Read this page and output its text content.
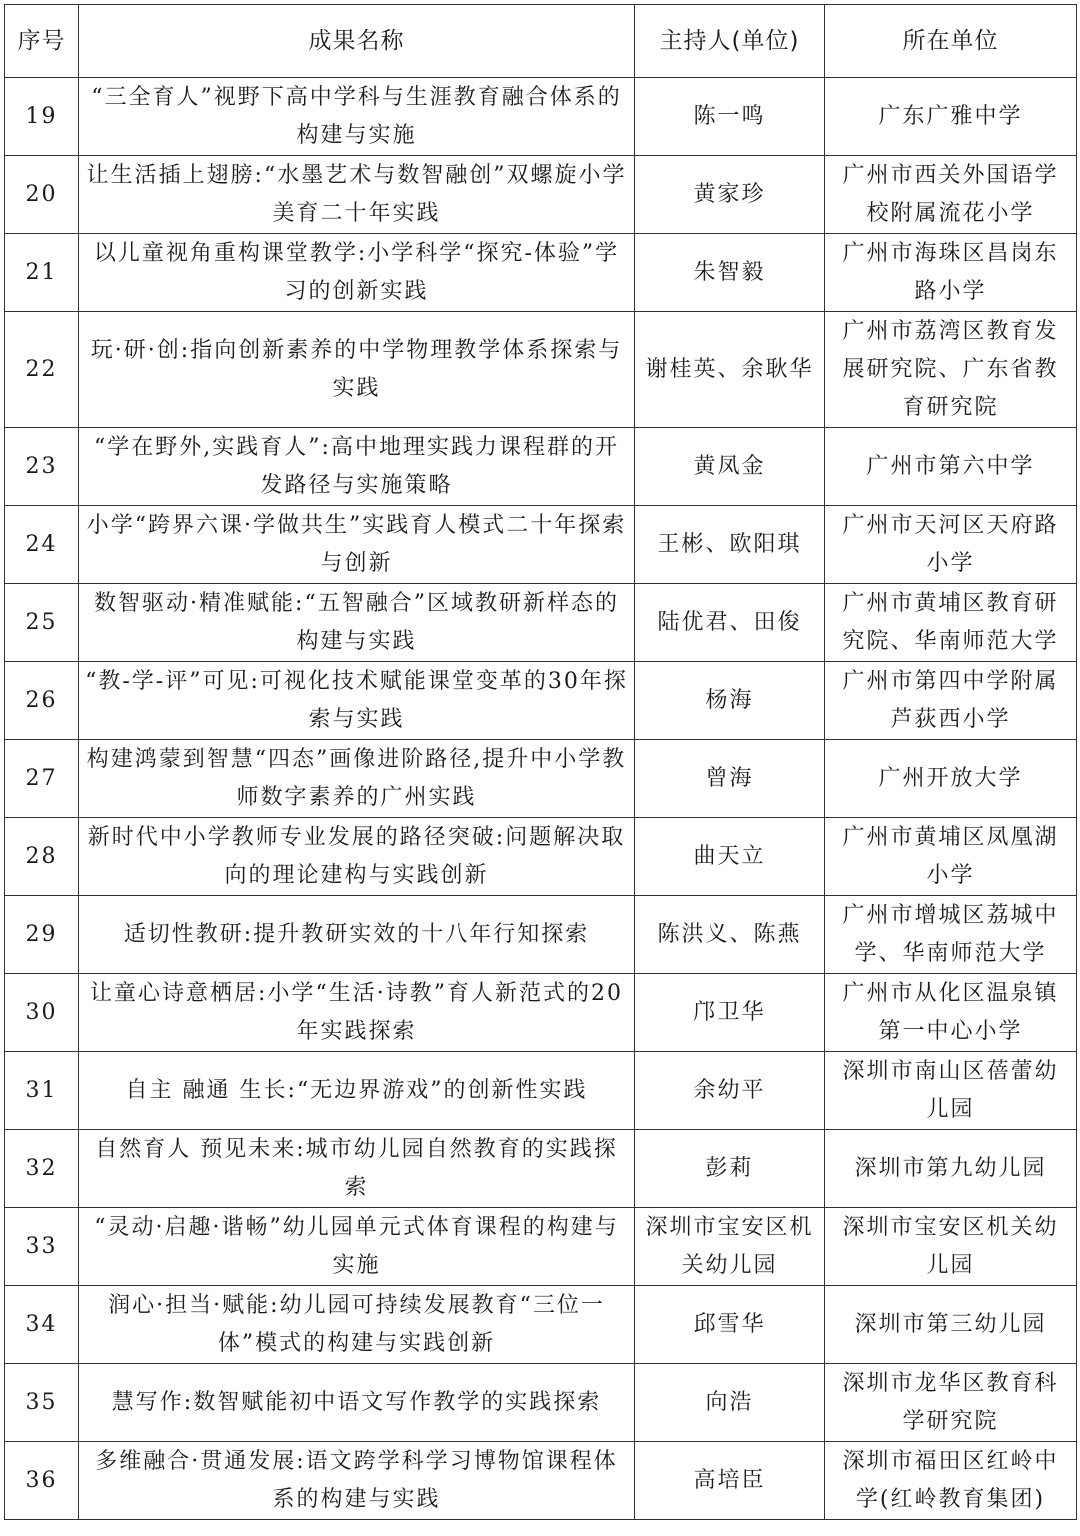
序号	成果名称	主持人(单位)	所在单位
19	“三全育人”视野下高中学科与生涯教育融合体系的构建与实施	陈一鸣	广东广雅中学
20	让生活插上翅膀:“水墨艺术与数智融创”双螺旋小学美育二十年实践	黄家珍	广州市西关外国语学校附属流花小学
21	以儿童视角重构课堂教学:小学科学“探究-体验”学习的创新实践	朱智毅	广州市海珠区昌岗东路小学
22	玩·研·创:指向创新素养的中学物理教学体系探索与实践	谢桂英、余耿华	广州市荔湾区教育发展研究院、广东省教育研究院
23	“学在野外,实践育人”:高中地理实践力课程群的开发路径与实施策略	黄凤金	广州市第六中学
24	小学“跨界六课·学做共生”实践育人模式二十年探索与创新	王彬、欧阳琪	广州市天河区天府路小学
25	数智驱动·精准赋能:“五智融合”区域教研新样态的构建与实践	陆优君、田俊	广州市黄埔区教育研究院、华南师范大学
26	“教-学-评”可见:可视化技术赋能课堂变革的30年探索与实践	杨海	广州市第四中学附属芦荻西小学
27	构建鸿蒙到智慧“四态”画像进阶路径,提升中小学教师数字素养的广州实践	曾海	广州开放大学
28	新时代中小学教师专业发展的路径突破:问题解决取向的理论建构与实践创新	曲天立	广州市黄埔区凤凰湖小学
29	适切性教研:提升教研实效的十八年行知探索	陈洪义、陈燕	广州市增城区荔城中学、华南师范大学
30	让童心诗意栖居:小学“生活·诗教”育人新范式的20年实践探索	邝卫华	广州市从化区温泉镇第一中心小学
31	自主 融通 生长:“无边界游戏”的创新性实践	余幼平	深圳市南山区蓓蕾幼儿园
32	自然育人 预见未来:城市幼儿园自然教育的实践探索	彭莉	深圳市第九幼儿园
33	“灵动·启趣·谐畅”幼儿园单元式体育课程的构建与实施	深圳市宝安区机关幼儿园	深圳市宝安区机关幼儿园
34	润心·担当·赋能:幼儿园可持续发展教育“三位一体”模式的构建与实践创新	邱雪华	深圳市第三幼儿园
35	慧写作:数智赋能初中语文写作教学的实践探索	向浩	深圳市龙华区教育科学研究院
36	多维融合·贯通发展:语文跨学科学习博物馆课程体系的构建与实践	高培臣	深圳市福田区红岭中学(红岭教育集团)
